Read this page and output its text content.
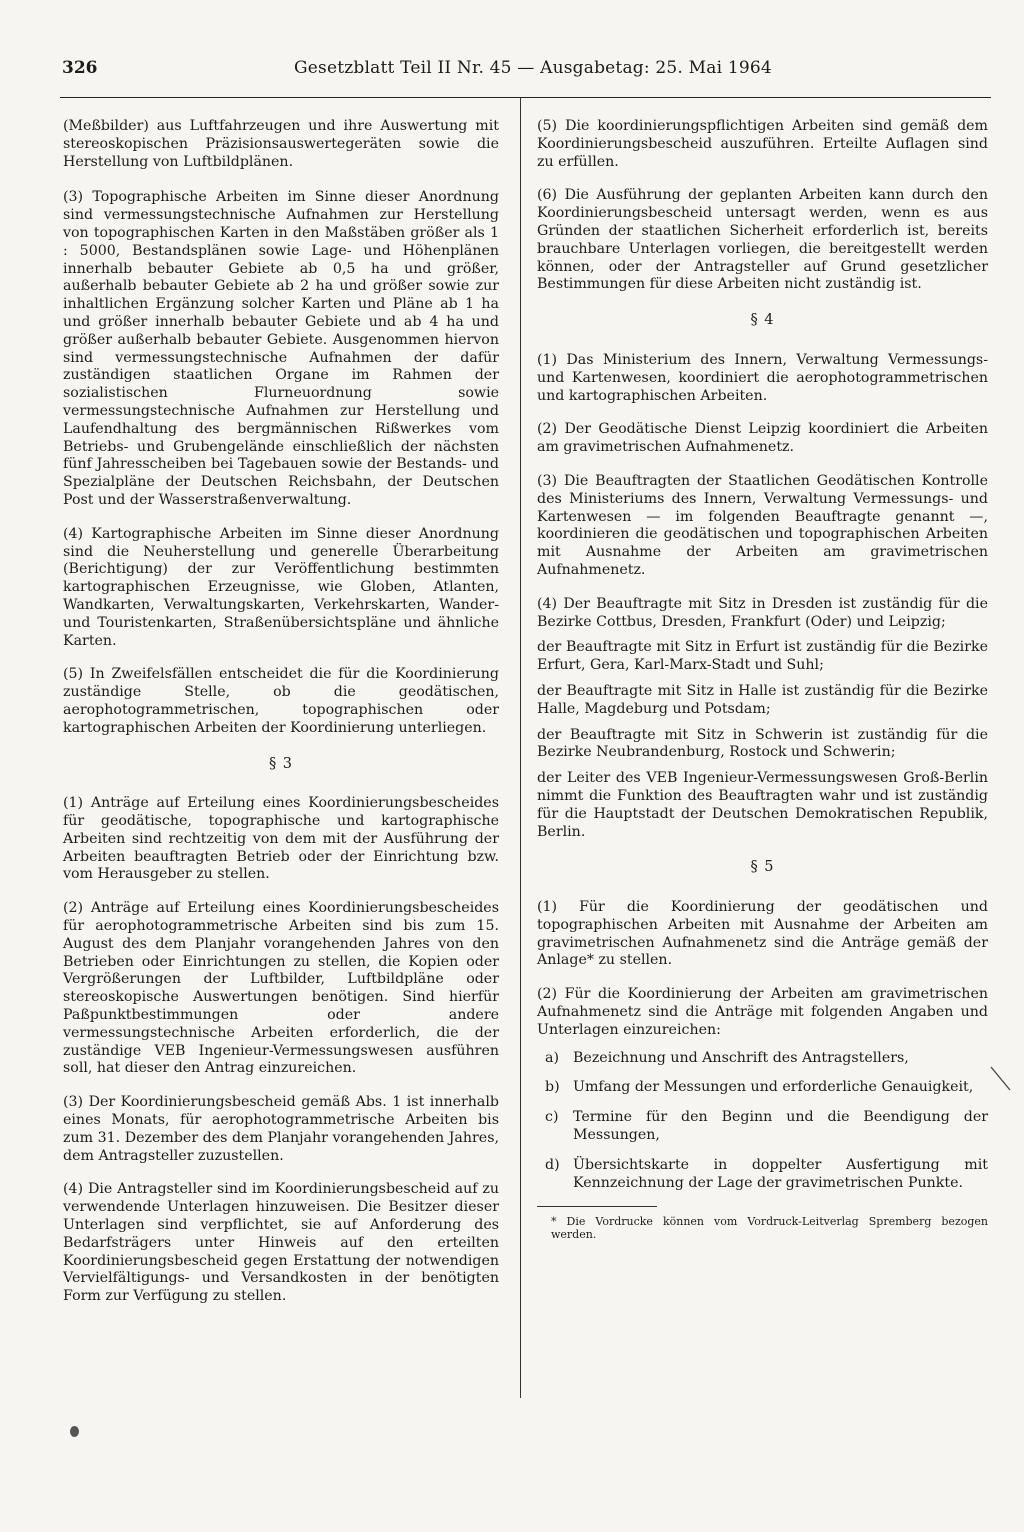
326	Gesetzblatt Teil II Nr. 45 — Ausgabetag: 25. Mai 1964

(Meßbilder) aus Luftfahrzeugen und ihre Auswertung mit stereoskopischen Präzisionsauswertegeräten sowie die Herstellung von Luftbildplänen.

(3) Topographische Arbeiten im Sinne dieser Anordnung sind vermessungstechnische Aufnahmen zur Herstellung von topographischen Karten in den Maßstäben größer als 1 : 5000, Bestandsplänen sowie Lage- und Höhenplänen innerhalb bebauter Gebiete ab 0,5 ha und größer, außerhalb bebauter Gebiete ab 2 ha und größer sowie zur inhaltlichen Ergänzung solcher Karten und Pläne ab 1 ha und größer innerhalb bebauter Gebiete und ab 4 ha und größer außerhalb bebauter Gebiete. Ausgenommen hiervon sind vermessungstechnische Aufnahmen der dafür zuständigen staatlichen Organe im Rahmen der sozialistischen Flurneuordnung sowie vermessungstechnische Aufnahmen zur Herstellung und Laufendhaltung des bergmännischen Rißwerkes vom Betriebs- und Grubengelände einschließlich der nächsten fünf Jahresscheiben bei Tagebauen sowie der Bestands- und Spezialpläne der Deutschen Reichsbahn, der Deutschen Post und der Wasserstraßenverwaltung.

(4) Kartographische Arbeiten im Sinne dieser Anordnung sind die Neuherstellung und generelle Überarbeitung (Berichtigung) der zur Veröffentlichung bestimmten kartographischen Erzeugnisse, wie Globen, Atlanten, Wandkarten, Verwaltungskarten, Verkehrskarten, Wander- und Touristenkarten, Straßenübersichtspläne und ähnliche Karten.

(5) In Zweifelsfällen entscheidet die für die Koordinierung zuständige Stelle, ob die geodätischen, aerophotogrammetrischen, topographischen oder kartographischen Arbeiten der Koordinierung unterliegen.

§ 3

(1) Anträge auf Erteilung eines Koordinierungsbescheides für geodätische, topographische und kartographische Arbeiten sind rechtzeitig von dem mit der Ausführung der Arbeiten beauftragten Betrieb oder der Einrichtung bzw. vom Herausgeber zu stellen.

(2) Anträge auf Erteilung eines Koordinierungsbescheides für aerophotogrammetrische Arbeiten sind bis zum 15. August des dem Planjahr vorangehenden Jahres von den Betrieben oder Einrichtungen zu stellen, die Kopien oder Vergrößerungen der Luftbilder, Luftbildpläne oder stereoskopische Auswertungen benötigen. Sind hierfür Paßpunktbestimmungen oder andere vermessungstechnische Arbeiten erforderlich, die der zuständige VEB Ingenieur-Vermessungswesen ausführen soll, hat dieser den Antrag einzureichen.

(3) Der Koordinierungsbescheid gemäß Abs. 1 ist innerhalb eines Monats, für aerophotogrammetrische Arbeiten bis zum 31. Dezember des dem Planjahr vorangehenden Jahres, dem Antragsteller zuzustellen.

(4) Die Antragsteller sind im Koordinierungsbescheid auf zu verwendende Unterlagen hinzuweisen. Die Besitzer dieser Unterlagen sind verpflichtet, sie auf Anforderung des Bedarfsträgers unter Hinweis auf den erteilten Koordinierungsbescheid gegen Erstattung der notwendigen Vervielfältigungs- und Versandkosten in der benötigten Form zur Verfügung zu stellen.

(5) Die koordinierungspflichtigen Arbeiten sind gemäß dem Koordinierungsbescheid auszuführen. Erteilte Auflagen sind zu erfüllen.

(6) Die Ausführung der geplanten Arbeiten kann durch den Koordinierungsbescheid untersagt werden, wenn es aus Gründen der staatlichen Sicherheit erforderlich ist, bereits brauchbare Unterlagen vorliegen, die bereitgestellt werden können, oder der Antragsteller auf Grund gesetzlicher Bestimmungen für diese Arbeiten nicht zuständig ist.

§ 4

(1) Das Ministerium des Innern, Verwaltung Vermessungs- und Kartenwesen, koordiniert die aerophotogrammetrischen und kartographischen Arbeiten.

(2) Der Geodätische Dienst Leipzig koordiniert die Arbeiten am gravimetrischen Aufnahmenetz.

(3) Die Beauftragten der Staatlichen Geodätischen Kontrolle des Ministeriums des Innern, Verwaltung Vermessungs- und Kartenwesen — im folgenden Beauftragte genannt —, koordinieren die geodätischen und topographischen Arbeiten mit Ausnahme der Arbeiten am gravimetrischen Aufnahmenetz.

(4) Der Beauftragte mit Sitz in Dresden ist zuständig für die Bezirke Cottbus, Dresden, Frankfurt (Oder) und Leipzig;

der Beauftragte mit Sitz in Erfurt ist zuständig für die Bezirke Erfurt, Gera, Karl-Marx-Stadt und Suhl;

der Beauftragte mit Sitz in Halle ist zuständig für die Bezirke Halle, Magdeburg und Potsdam;

der Beauftragte mit Sitz in Schwerin ist zuständig für die Bezirke Neubrandenburg, Rostock und Schwerin;

der Leiter des VEB Ingenieur-Vermessungswesen Groß-Berlin nimmt die Funktion des Beauftragten wahr und ist zuständig für die Hauptstadt der Deutschen Demokratischen Republik, Berlin.

§ 5

(1) Für die Koordinierung der geodätischen und topographischen Arbeiten mit Ausnahme der Arbeiten am gravimetrischen Aufnahmenetz sind die Anträge gemäß der Anlage* zu stellen.

(2) Für die Koordinierung der Arbeiten am gravimetrischen Aufnahmenetz sind die Anträge mit folgenden Angaben und Unterlagen einzureichen:

a) Bezeichnung und Anschrift des Antragstellers,
b) Umfang der Messungen und erforderliche Genauigkeit,
c)	Termine für den Beginn und die Beendigung der Messungen,
d) Übersichtskarte in doppelter Ausfertigung mit Kennzeichnung der Lage der gravimetrischen Punkte.
* Die Vordrucke können vom Vordruck-Leitverlag Spremberg bezogen werden.
